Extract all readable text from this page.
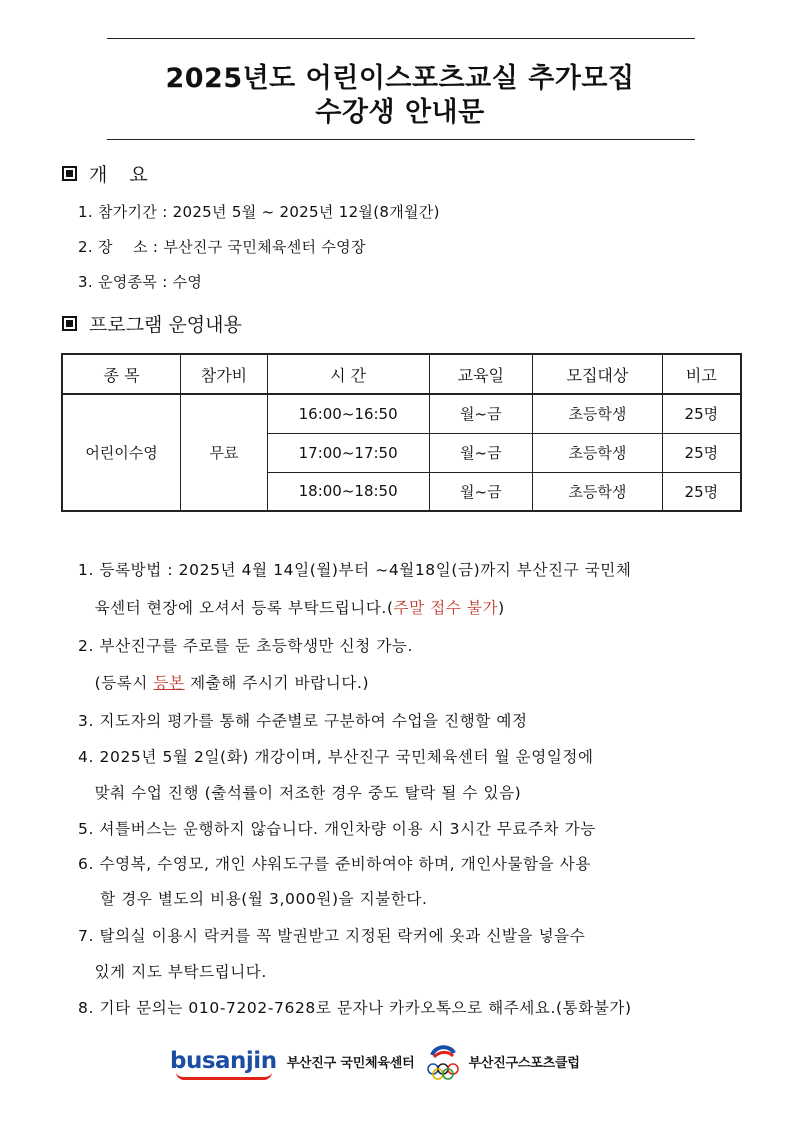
2025년도 어린이스포츠교실 추가모집
수강생 안내문
개 요
1. 참가기간 : 2025년 5월 ~ 2025년 12월(8개월간)
2. 장    소 : 부산진구 국민체육센터 수영장
3. 운영종목 : 수영
프로그램 운영내용
종 목	참가비	시 간	교육일	모집대상	비고
어린이수영	무료	16:00~16:50	월~금	초등학생	25명
		17:00~17:50	월~금	초등학생	25명
		18:00~18:50	월~금	초등학생	25명
1. 등록방법 : 2025년 4월 14일(월)부터 ~4월18일(금)까지 부산진구 국민체
육센터 현장에 오셔서 등록 부탁드립니다.(주말 접수 불가)
2. 부산진구를 주로를 둔 초등학생만 신청 가능.
(등록시 등본 제출해 주시기 바랍니다.)
3. 지도자의 평가를 통해 수준별로 구분하여 수업을 진행할 예정
4. 2025년 5월 2일(화) 개강이며, 부산진구 국민체육센터 월 운영일정에
맞춰 수업 진행 (출석률이 저조한 경우 중도 탈락 될 수 있음)
5. 셔틀버스는 운행하지 않습니다. 개인차량 이용 시 3시간 무료주차 가능
6. 수영복, 수영모, 개인 샤워도구를 준비하여야 하며, 개인사물함을 사용
할 경우 별도의 비용(월 3,000원)을 지불한다.
7. 탈의실 이용시 락커를 꼭 발권받고 지정된 락커에 옷과 신발을 넣을수
있게 지도 부탁드립니다.
8. 기타 문의는 010-7202-7628로 문자나 카카오톡으로 해주세요.(통화불가)
busanjin 부산진구 국민체육센터	부산진구스포츠클럽
